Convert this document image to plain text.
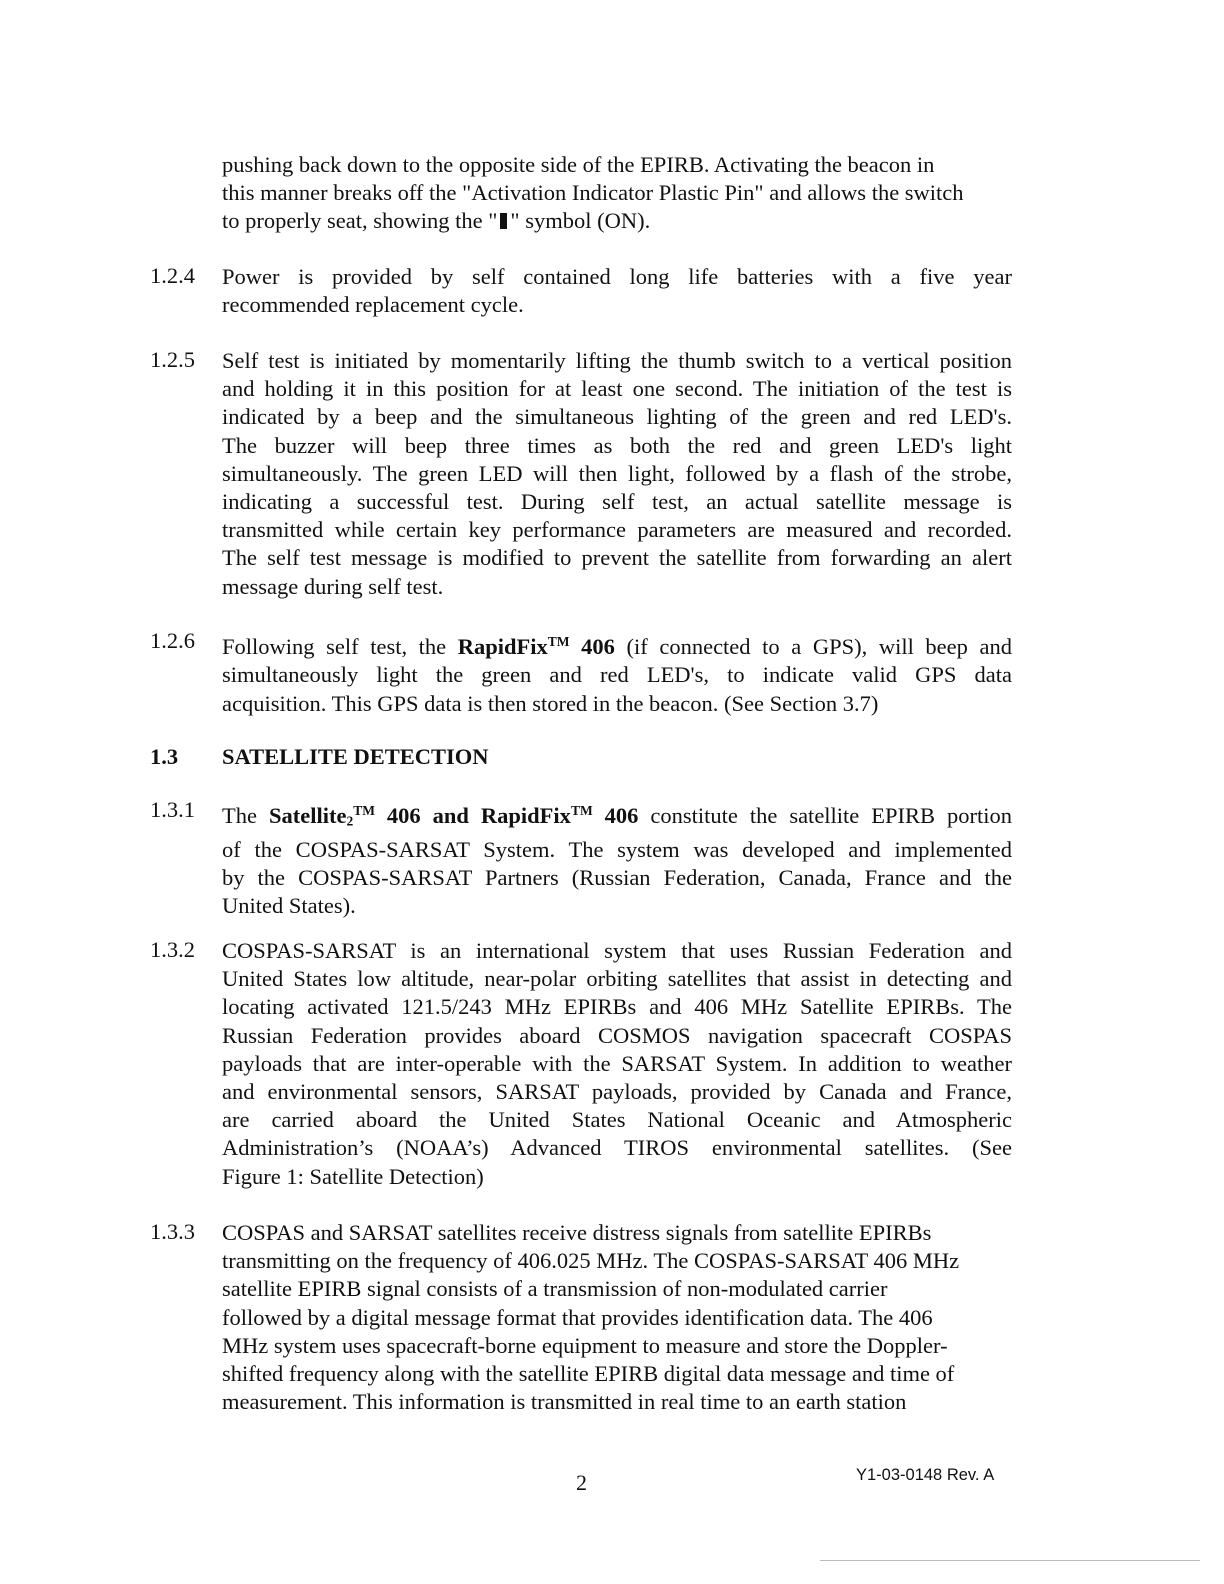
pushing back down to the opposite side of the EPIRB. Activating the beacon in
this manner breaks off the "Activation Indicator Plastic Pin" and allows the switch
to properly seat, showing the " " symbol (ON).
1.2.4	Power is provided by self contained long life batteries with a five year
recommended replacement cycle.
1.2.5	Self test is initiated by momentarily lifting the thumb switch to a vertical position
and holding it in this position for at least one second. The initiation of the test is
indicated by a beep and the simultaneous lighting of the green and red LED's.
The buzzer will beep three times as both the red and green LED's light
simultaneously. The green LED will then light, followed by a flash of the strobe,
indicating a successful test. During self test, an actual satellite message is
transmitted while certain key performance parameters are measured and recorded.
The self test message is modified to prevent the satellite from forwarding an alert
message during self test.
1.2.6	Following self test, the RapidFix™ 406 (if connected to a GPS), will beep and
simultaneously light the green and red LED's, to indicate valid GPS data
acquisition. This GPS data is then stored in the beacon. (See Section 3.7)
1.3 SATELLITE DETECTION
1.3.1	The Satellite$_2$™ 406 and RapidFix™ 406 constitute the satellite EPIRB portion
of the COSPAS-SARSAT System. The system was developed and implemented
by the COSPAS-SARSAT Partners (Russian Federation, Canada, France and the
United States).
1.3.2	COSPAS-SARSAT is an international system that uses Russian Federation and
United States low altitude, near-polar orbiting satellites that assist in detecting and
locating activated 121.5/243 MHz EPIRBs and 406 MHz Satellite EPIRBs. The
Russian Federation provides aboard COSMOS navigation spacecraft COSPAS
payloads that are inter-operable with the SARSAT System. In addition to weather
and environmental sensors, SARSAT payloads, provided by Canada and France,
are carried aboard the United States National Oceanic and Atmospheric
Administration’s (NOAA’s) Advanced TIROS environmental satellites. (See
Figure 1: Satellite Detection)
1.3.3	COSPAS and SARSAT satellites receive distress signals from satellite EPIRBs
transmitting on the frequency of 406.025 MHz. The COSPAS-SARSAT 406 MHz
satellite EPIRB signal consists of a transmission of non-modulated carrier
followed by a digital message format that provides identification data. The 406
MHz system uses spacecraft-borne equipment to measure and store the Doppler-
shifted frequency along with the satellite EPIRB digital data message and time of
measurement. This information is transmitted in real time to an earth station
2	Y1-03-0148 Rev. A
